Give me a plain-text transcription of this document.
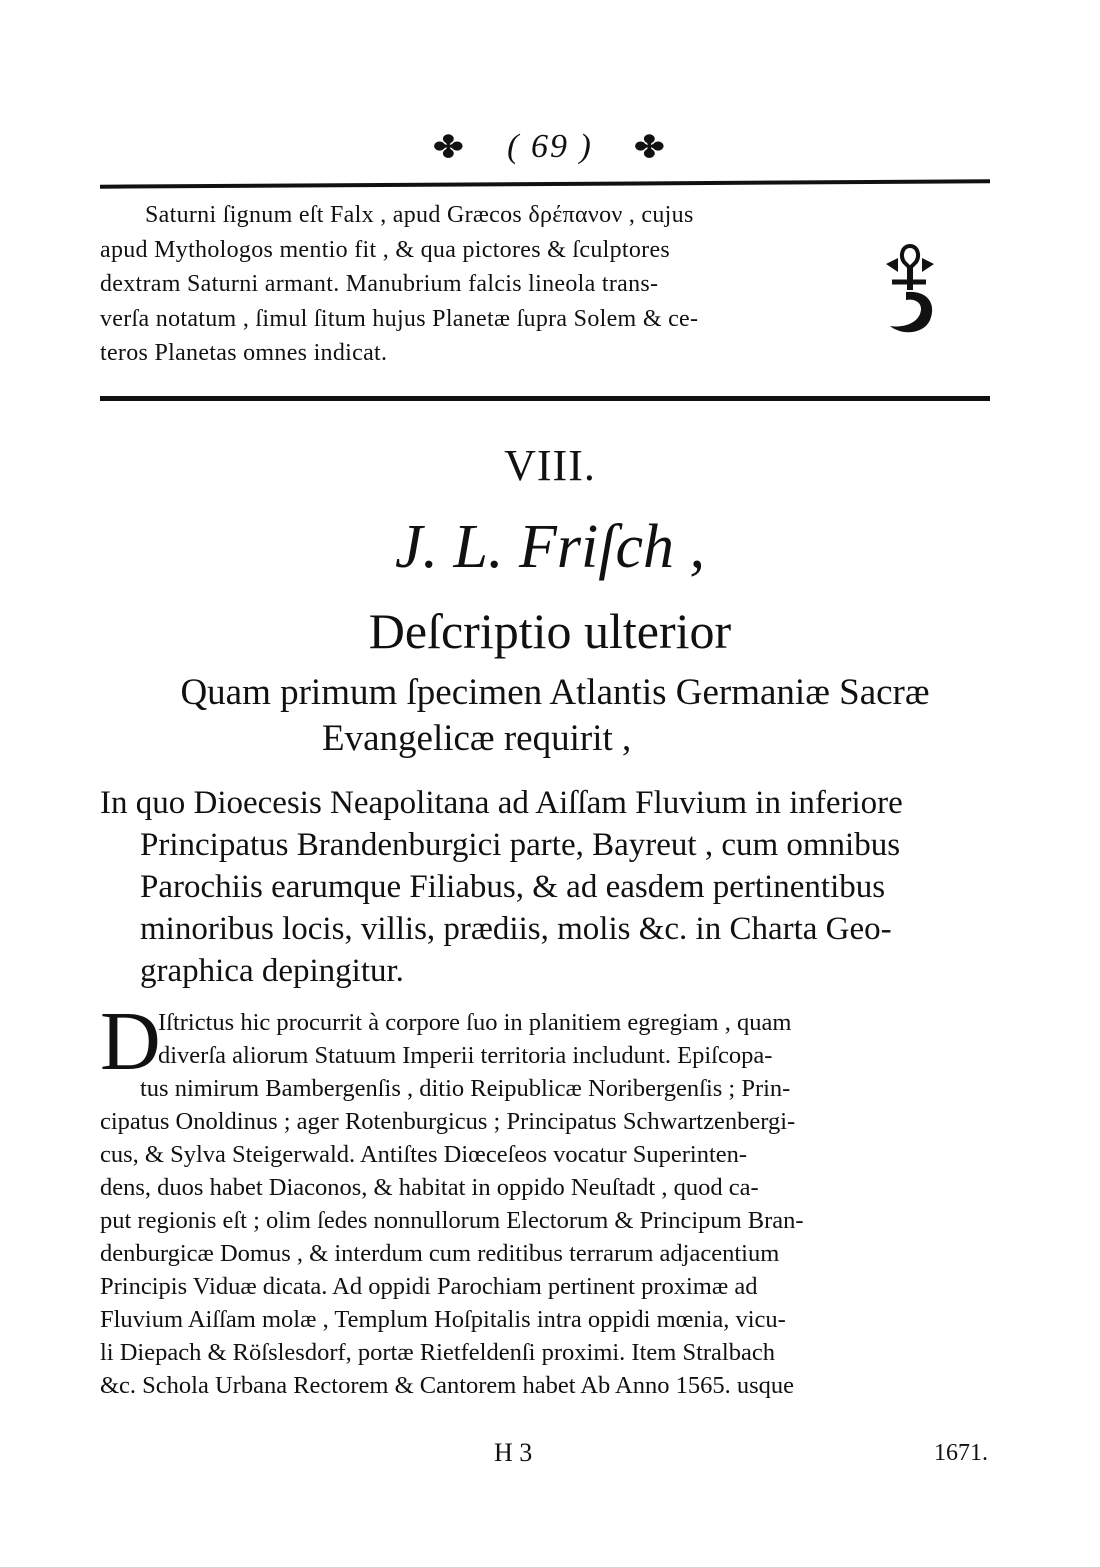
✤ ( 69 ) ✤
Saturni ſignum eſt Falx , apud Græcos δρέπανον , cujus
apud Mythologos mentio fit , & qua pictores & ſculptores
dextram Saturni armant. Manubrium falcis lineola trans-
verſa notatum , ſimul ſitum hujus Planetæ ſupra Solem & ce-
teros Planetas omnes indicat.
VIII.
J. L. Friſch ,
Deſcriptio ulterior
Quam primum ſpecimen Atlantis Germaniæ Sacræ
Evangelicæ requirit ,
In quo Dioecesis Neapolitana ad Aiſſam Fluvium in inferiore
Principatus Brandenburgici parte, Bayreut , cum omnibus
Parochiis earumque Filiabus, & ad easdem pertinentibus
minoribus locis, villis, prædiis, molis &c. in Charta Geo-
graphica depingitur.
D
Iſtrictus hic procurrit à corpore ſuo in planitiem egregiam , quam
diverſa aliorum Statuum Imperii territoria includunt. Epiſcopa-
tus nimirum Bambergenſis , ditio Reipublicæ Noribergenſis ; Prin-
cipatus Onoldinus ; ager Rotenburgicus ; Principatus Schwartzenbergi-
cus, & Sylva Steigerwald. Antiſtes Diœceſeos vocatur Superinten-
dens, duos habet Diaconos, & habitat in oppido Neuſtadt , quod ca-
put regionis eſt ; olim ſedes nonnullorum Electorum & Principum Bran-
denburgicæ Domus , & interdum cum reditibus terrarum adjacentium
Principis Viduæ dicata. Ad oppidi Parochiam pertinent proximæ ad
Fluvium Aiſſam molæ , Templum Hoſpitalis intra oppidi mœnia, vicu-
li Diepach & Röſslesdorf, portæ Rietfeldenſi proximi. Item Stralbach
&c. Schola Urbana Rectorem & Cantorem habet Ab Anno 1565. usque
H 3	1671.
